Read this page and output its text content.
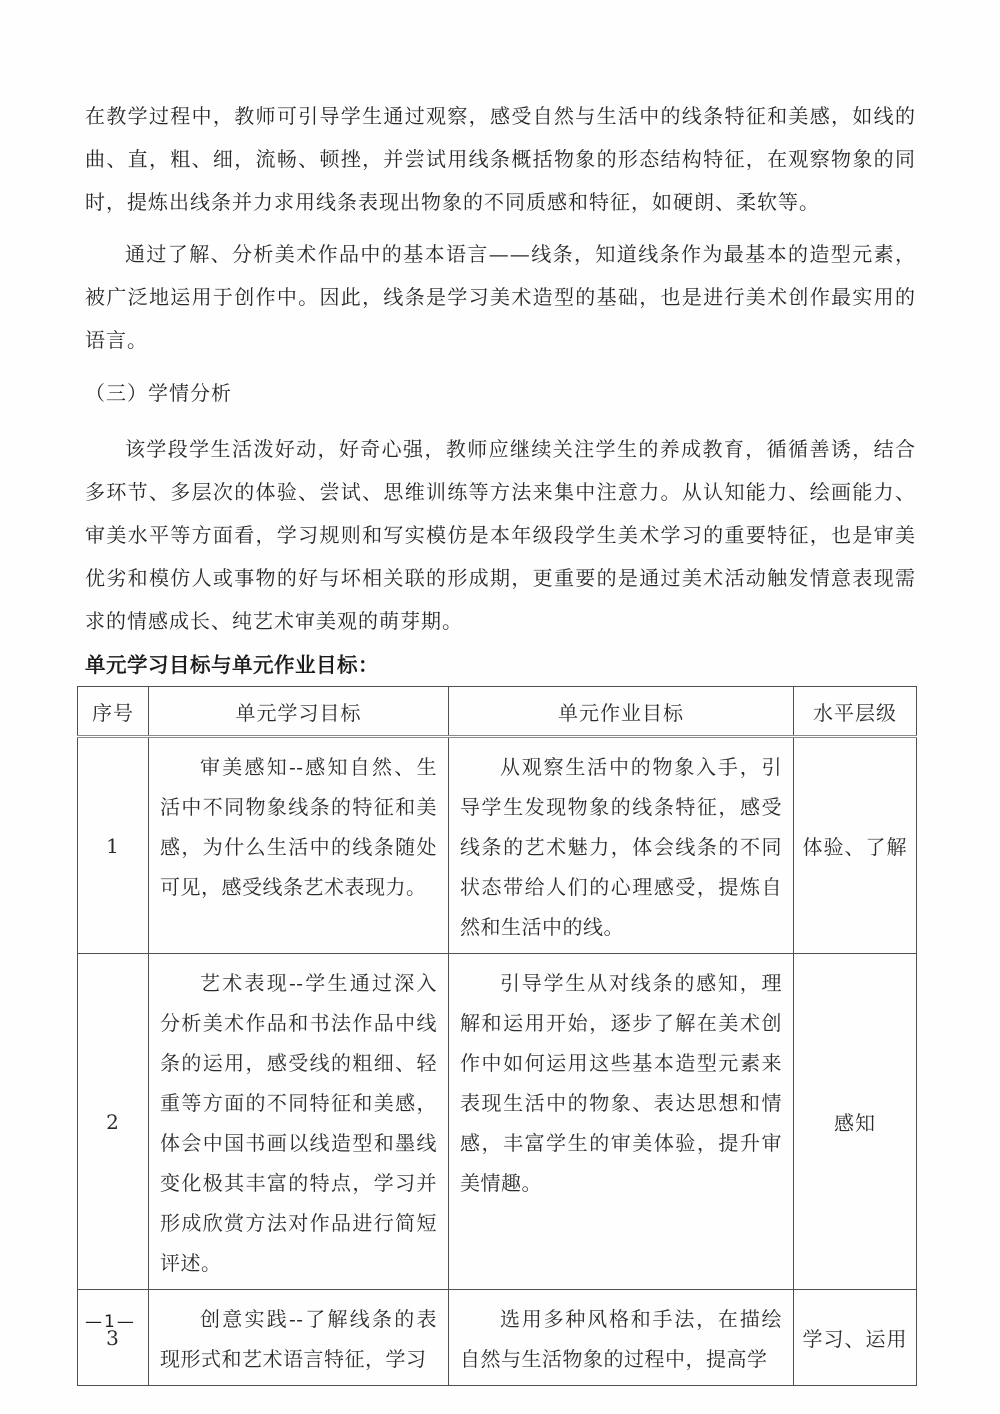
在教学过程中，教师可引导学生通过观察，感受自然与生活中的线条特征和美感，如线的曲、直，粗、细，流畅、顿挫，并尝试用线条概括物象的形态结构特征，在观察物象的同时，提炼出线条并力求用线条表现出物象的不同质感和特征，如硬朗、柔软等。

通过了解、分析美术作品中的基本语言——线条，知道线条作为最基本的造型元素，被广泛地运用于创作中。因此，线条是学习美术造型的基础，也是进行美术创作最实用的语言。

（三）学情分析

该学段学生活泼好动，好奇心强，教师应继续关注学生的养成教育，循循善诱，结合多环节、多层次的体验、尝试、思维训练等方法来集中注意力。从认知能力、绘画能力、审美水平等方面看，学习规则和写实模仿是本年级段学生美术学习的重要特征，也是审美优劣和模仿人或事物的好与坏相关联的形成期，更重要的是通过美术活动触发情意表现需求的情感成长、纯艺术审美观的萌芽期。

单元学习目标与单元作业目标：
序号	单元学习目标	单元作业目标	水平层级
1	审美感知--感知自然、生活中不同物象线条的特征和美感，为什么生活中的线条随处可见，感受线条艺术表现力。	从观察生活中的物象入手，引导学生发现物象的线条特征，感受线条的艺术魅力，体会线条的不同状态带给人们的心理感受，提炼自然和生活中的线。	体验、了解
2	艺术表现--学生通过深入分析美术作品和书法作品中线条的运用，感受线的粗细、轻重等方面的不同特征和美感，体会中国书画以线造型和墨线变化极其丰富的特点，学习并形成欣赏方法对作品进行简短评述。	引导学生从对线条的感知，理解和运用开始，逐步了解在美术创作中如何运用这些基本造型元素来表现生活中的物象、表达思想和情感，丰富学生的审美体验，提升审美情趣。	感知
3	创意实践--了解线条的表现形式和艺术语言特征，学习	选用多种风格和手法，在描绘自然与生活物象的过程中，提高学	学习、运用
—1—
